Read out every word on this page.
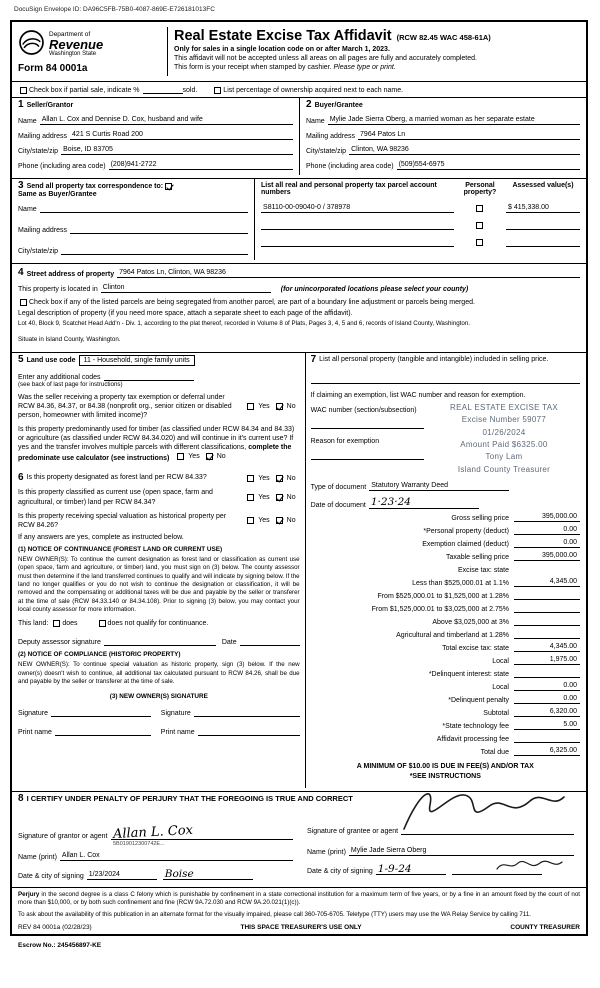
DocuSign Envelope ID: DA96C5FB-75B0-4087-869E-E726181013FC
Department of
Revenue
Washington State
Form 84 0001a
Real Estate Excise Tax Affidavit (RCW 82.45 WAC 458-61A)
Only for sales in a single location code on or after March 1, 2023.
This affidavit will not be accepted unless all areas on all pages are fully and accurately completed.
This form is your receipt when stamped by cashier. Please type or print.
Check box if partial sale, indicate %	sold.	List percentage of ownership acquired next to each name.
1 Seller/Grantor
Name Allan L. Cox and Dennise D. Cox, husband and wife
Mailing address 421 S Curtis Road 200
City/state/zip Boise, ID 83705
Phone (including area code) (208)941-2722
2 Buyer/Grantee
Name Mylie Jade Sierra Oberg, a married woman as her separate estate
Mailing address 7964 Patos Ln
City/state/zip Clinton, WA 98236
Phone (including area code) (509)554-6975
3 Send all property tax correspondence to:
Same as Buyer/Grantee
Name
Mailing address
City/state/zip
List all real and personal property tax parcel account numbers
Personal property?
Assessed value(s)
S8110-00-09040-0 / 378978	$ 415,338.00
4 Street address of property 7964 Patos Ln, Clinton, WA 98236
This property is located in Clinton	(for unincorporated locations please select your county)
Check box if any of the listed parcels are being segregated from another parcel, are part of a boundary line adjustment or parcels being merged.
Legal description of property (if you need more space, attach a separate sheet to each page of the affidavit).
Lot 40, Block 9, Scatchet Head Add'n - Div. 1, according to the plat thereof, recorded in Volume 8 of Plats, Pages 3, 4, 5 and 6, records of Island County, Washington.
Situate in Island County, Washington.
5 Land use code	11 - Household, single family units
Enter any additional codes
(see back of last page for instructions)
Was the seller receiving a property tax exemption or deferral under RCW 84.36, 84.37, or 84.38 (nonprofit org., senior citizen or disabled person, homeowner with limited income)?
Yes No
Is this property predominantly used for timber (as classified under RCW 84.34 and 84.33) or agriculture (as classified under RCW 84.34.020) and will continue in it's current use? If yes and the transfer involves multiple parcels with different classifications, complete the predominate use calculator (see instructions)	Yes No
6 Is this property designated as forest land per RCW 84.33?	Yes No
Is this property classified as current use (open space, farm and agricultural, or timber) land per RCW 84.34?
Yes No
Is this property receiving special valuation as historical property per RCW 84.26?
Yes No
If any answers are yes, complete as instructed below.
(1) NOTICE OF CONTINUANCE (FOREST LAND OR CURRENT USE)
NEW OWNER(S): To continue the current designation as forest land or classification as current use (open space, farm and agriculture, or timber) land, you must sign on (3) below. The county assessor must then determine if the land transferred continues to qualify and will indicate by signing below. If the land no longer qualifies or you do not wish to continue the designation or classification, it will be removed and the compensating or additional taxes will be due and payable by the seller or transferer at the time of sale (RCW 84.33.140 or 84.34.108). Prior to signing (3) below, you may contact your local county assessor for more information.
This land: does	does not qualify for continuance.
Deputy assessor signature	Date
(2) NOTICE OF COMPLIANCE (HISTORIC PROPERTY)
NEW OWNER(S): To continue special valuation as historic property, sign (3) below. If the new owner(s) doesn't wish to continue, all additional tax calculated pursuant to RCW 84.26, shall be due and payable by the seller or transferer at the time of sale.
(3) NEW OWNER(S) SIGNATURE
Signature
Print name
Signature
Print name
7 List all personal property (tangible and intangible) included in selling price.
If claiming an exemption, list WAC number and reason for exemption.
WAC number (section/subsection)
Reason for exemption
REAL ESTATE EXCISE TAX
Excise Number 59077
01/26/2024
Amount Paid $6325.00
Tony Lam
Island County Treasurer
Type of document Statutory Warranty Deed
Date of document 1·23·24
Gross selling price	395,000.00
*Personal property (deduct)	0.00
Exemption claimed (deduct)	0.00
Taxable selling price	395,000.00
Excise tax: state
Less than $525,000.01 at 1.1%	4,345.00
From $525,000.01 to $1,525,000 at 1.28%
From $1,525,000.01 to $3,025,000 at 2.75%
Above $3,025,000 at 3%
Agricultural and timberland at 1.28%
Total excise tax: state	4,345.00
Local	1,975.00
*Delinquent interest: state
Local	0.00
*Delinquent penalty	0.00
Subtotal	6,320.00
*State technology fee	5.00
Affidavit processing fee
Total due	6,325.00
A MINIMUM OF $10.00 IS DUE IN FEE(S) AND/OR TAX
*SEE INSTRUCTIONS
8 I CERTIFY UNDER PENALTY OF PERJURY THAT THE FOREGOING IS TRUE AND CORRECT
Signature of grantor or agent Allan L. Cox
5B019012300742E...
Name (print) Allan L. Cox
Date & city of signing 1/23/2024	Boise
Signature of grantee or agent
Name (print) Mylie Jade Sierra Oberg
Date & city of signing 1-9-24
Perjury in the second degree is a class C felony which is punishable by confinement in a state correctional institution for a maximum term of five years, or by a fine in an amount fixed by the court of not more than $10,000, or by both such confinement and fine (RCW 9A.72.030 and RCW 9A.20.021(1)(c)).
To ask about the availability of this publication in an alternate format for the visually impaired, please call 360-705-6705. Teletype (TTY) users may use the WA Relay Service by calling 711.
REV 84 0001a (02/28/23)	THIS SPACE TREASURER'S USE ONLY	COUNTY TREASURER
Escrow No.: 245456897-KE
